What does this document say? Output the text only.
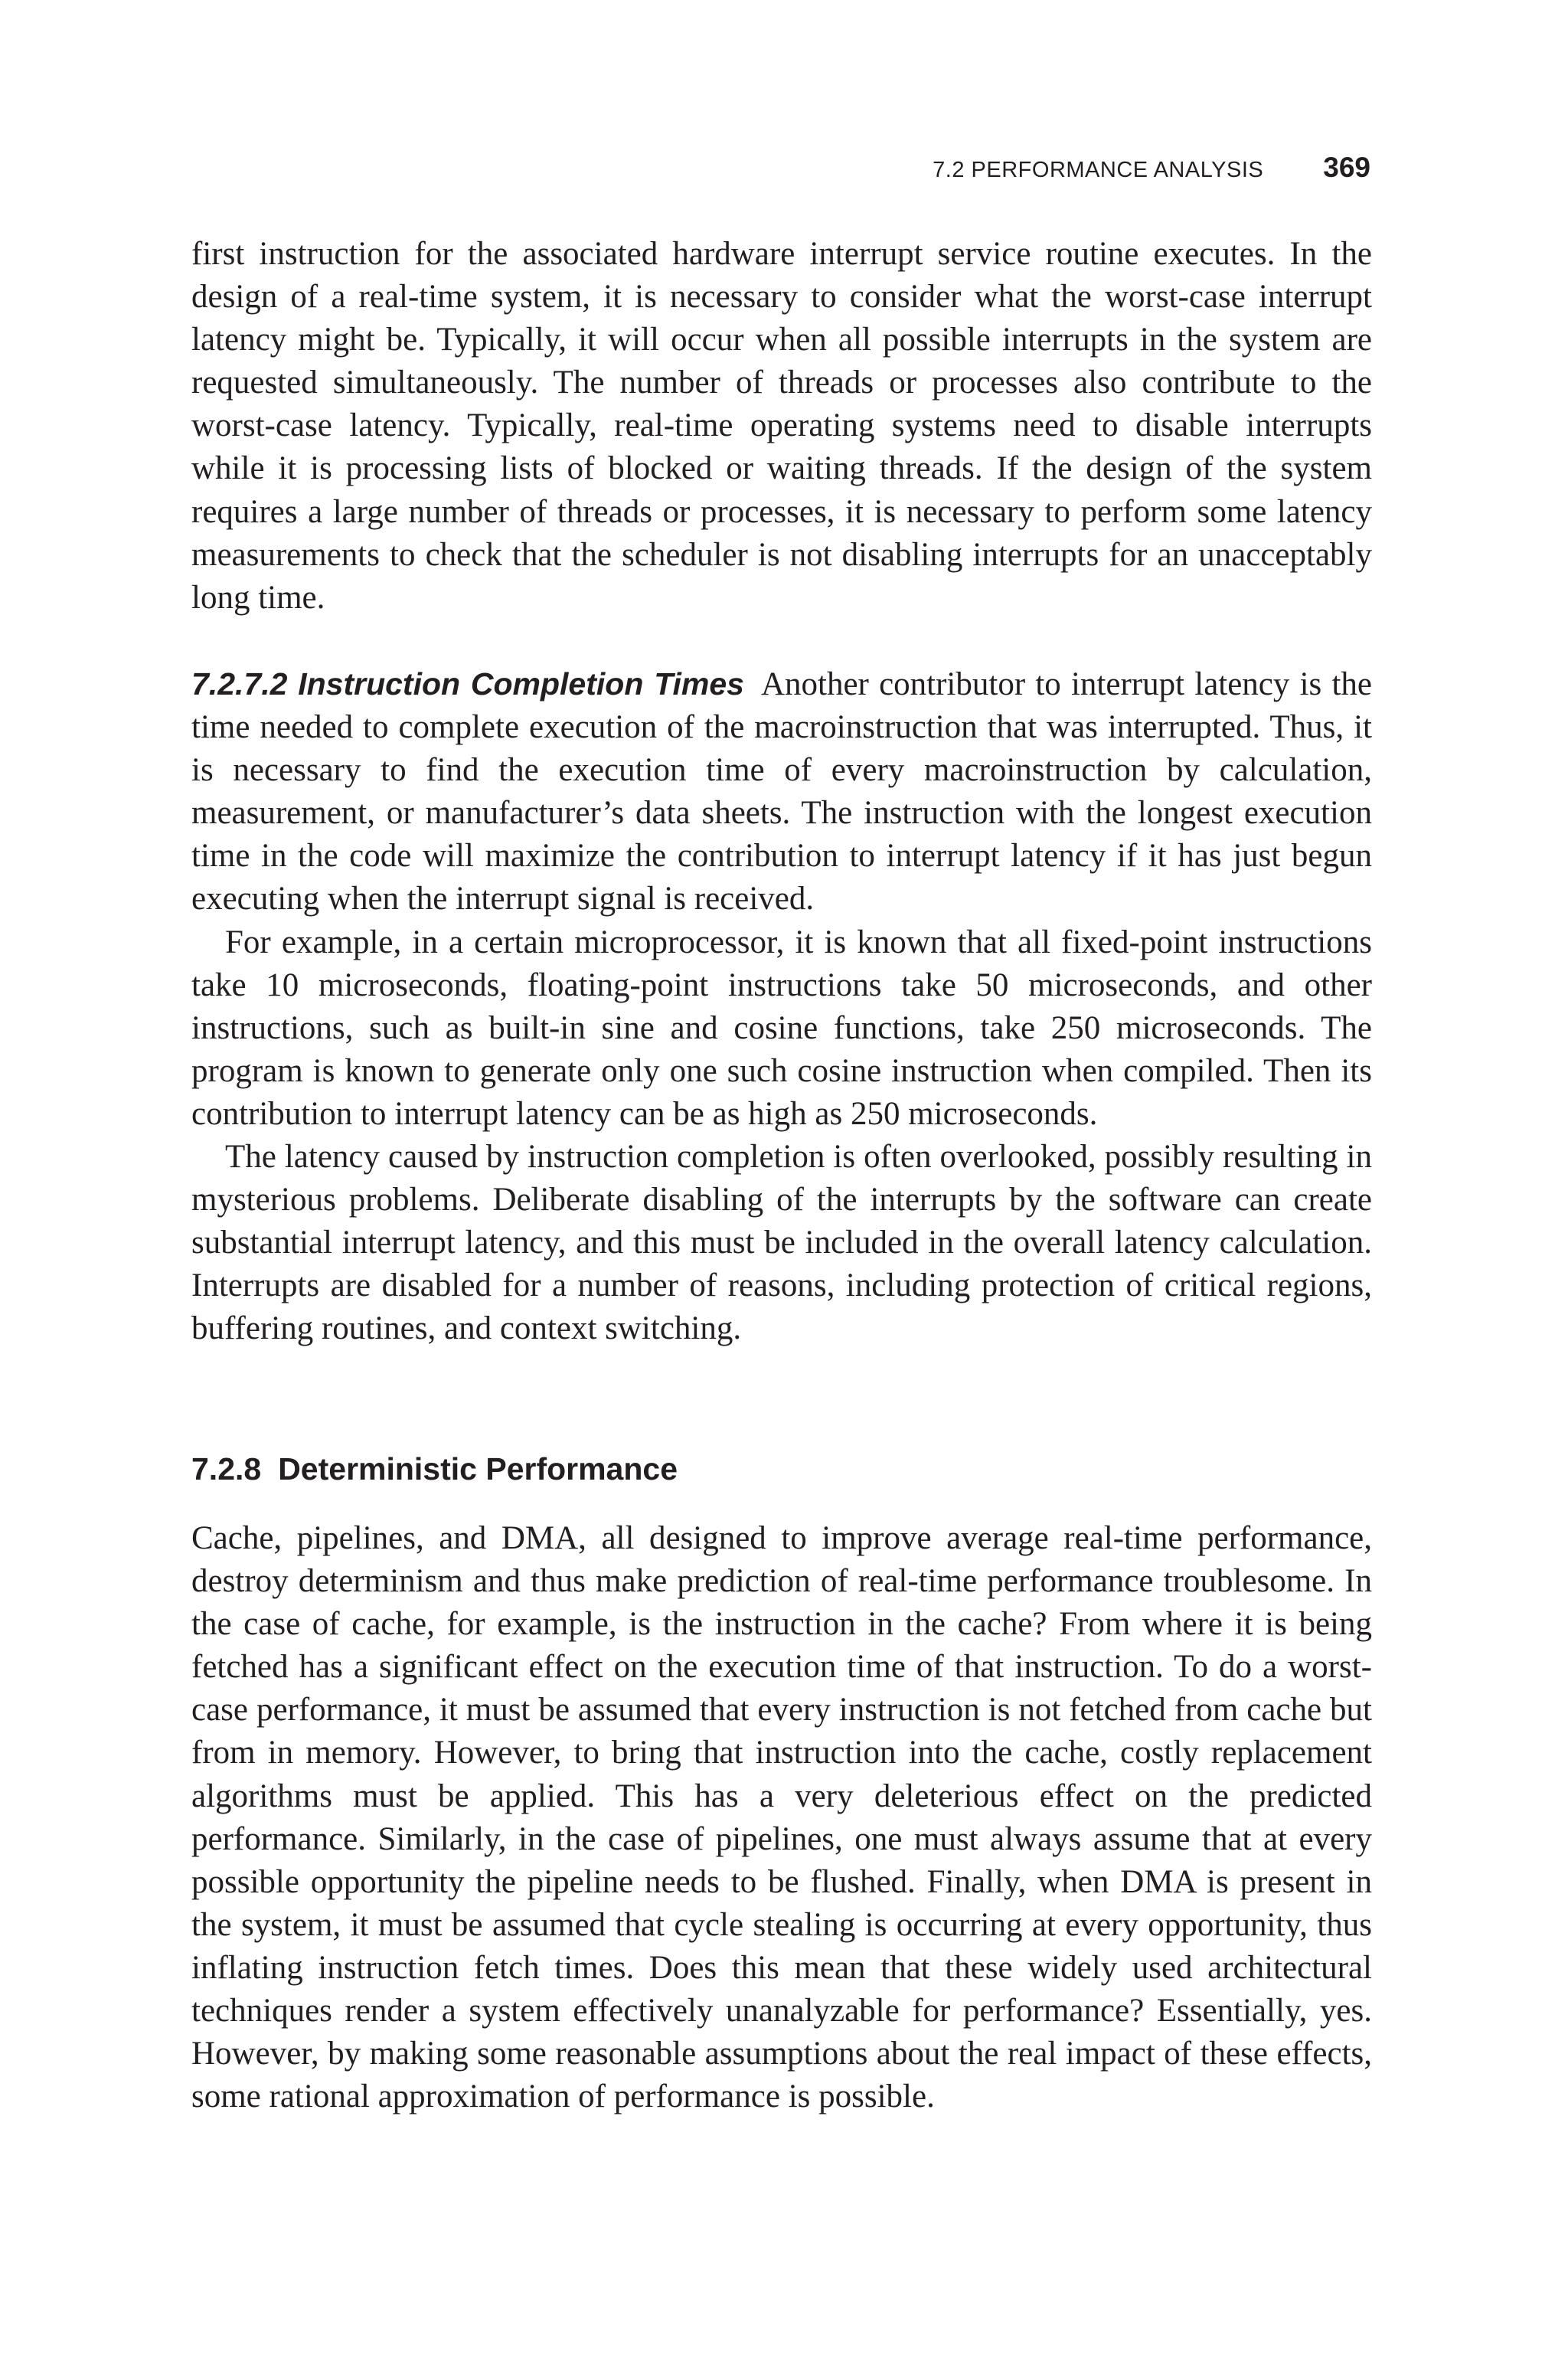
7.2 PERFORMANCE ANALYSIS 369

first instruction for the associated hardware interrupt service routine executes. In the design of a real-time system, it is necessary to consider what the worst-case interrupt latency might be. Typically, it will occur when all possible interrupts in the system are requested simultaneously. The number of threads or processes also contribute to the worst-case latency. Typically, real-time operating systems need to disable interrupts while it is processing lists of blocked or waiting threads. If the design of the system requires a large number of threads or processes, it is necessary to perform some latency measurements to check that the scheduler is not disabling interrupts for an unacceptably long time.

7.2.7.2 Instruction Completion Times Another contributor to interrupt latency is the time needed to complete execution of the macroinstruction that was interrupted. Thus, it is necessary to find the execution time of every macroinstruction by calculation, measurement, or manufacturer’s data sheets. The instruction with the longest execution time in the code will maximize the contribution to interrupt latency if it has just begun executing when the interrupt signal is received.

For example, in a certain microprocessor, it is known that all fixed-point instructions take 10 microseconds, floating-point instructions take 50 microseconds, and other instructions, such as built-in sine and cosine functions, take 250 microseconds. The program is known to generate only one such cosine instruction when compiled. Then its contribution to interrupt latency can be as high as 250 microseconds.

The latency caused by instruction completion is often overlooked, possibly resulting in mysterious problems. Deliberate disabling of the interrupts by the software can create substantial interrupt latency, and this must be included in the overall latency calculation. Interrupts are disabled for a number of reasons, including protection of critical regions, buffering routines, and context switching.

7.2.8 Deterministic Performance

Cache, pipelines, and DMA, all designed to improve average real-time performance, destroy determinism and thus make prediction of real-time performance troublesome. In the case of cache, for example, is the instruction in the cache? From where it is being fetched has a significant effect on the execution time of that instruction. To do a worst-case performance, it must be assumed that every instruction is not fetched from cache but from in memory. However, to bring that instruction into the cache, costly replacement algorithms must be applied. This has a very deleterious effect on the predicted performance. Similarly, in the case of pipelines, one must always assume that at every possible opportunity the pipeline needs to be flushed. Finally, when DMA is present in the system, it must be assumed that cycle stealing is occurring at every opportunity, thus inflating instruction fetch times. Does this mean that these widely used architectural techniques render a system effectively unanalyzable for performance? Essentially, yes. However, by making some reasonable assumptions about the real impact of these effects, some rational approximation of performance is possible.
